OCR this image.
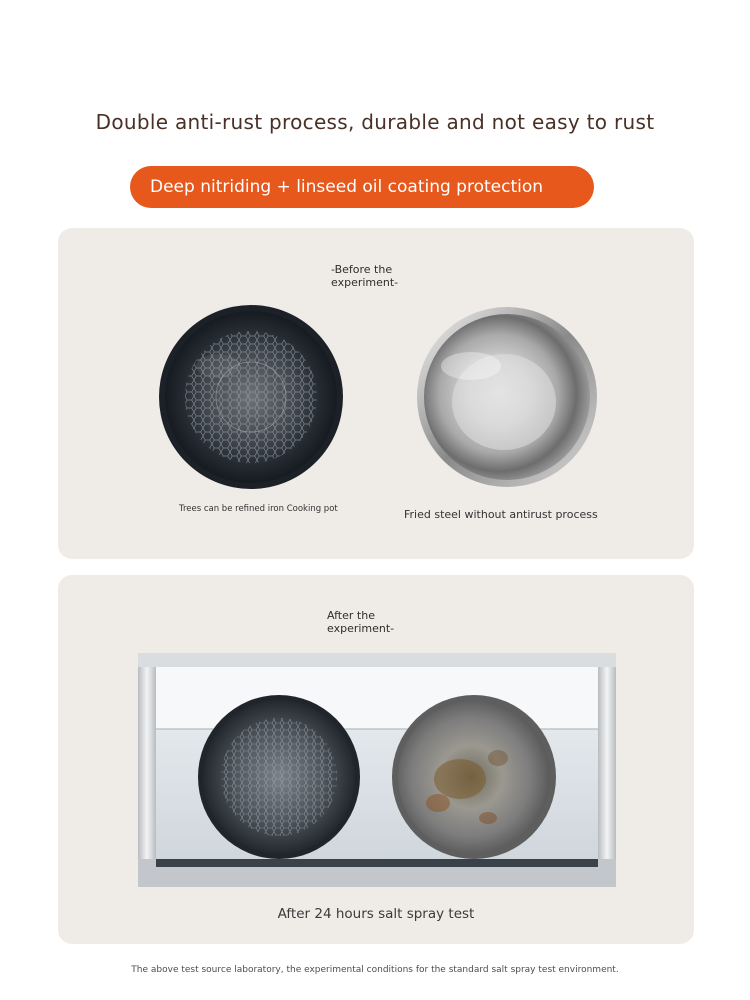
Double anti-rust process, durable and not easy to rust
Deep nitriding + linseed oil coating protection
-Before the experiment-
Trees can be refined iron Cooking pot	Fried steel without antirust process
After the experiment-
After 24 hours salt spray test
The above test source laboratory, the experimental conditions for the standard salt spray test environment.
